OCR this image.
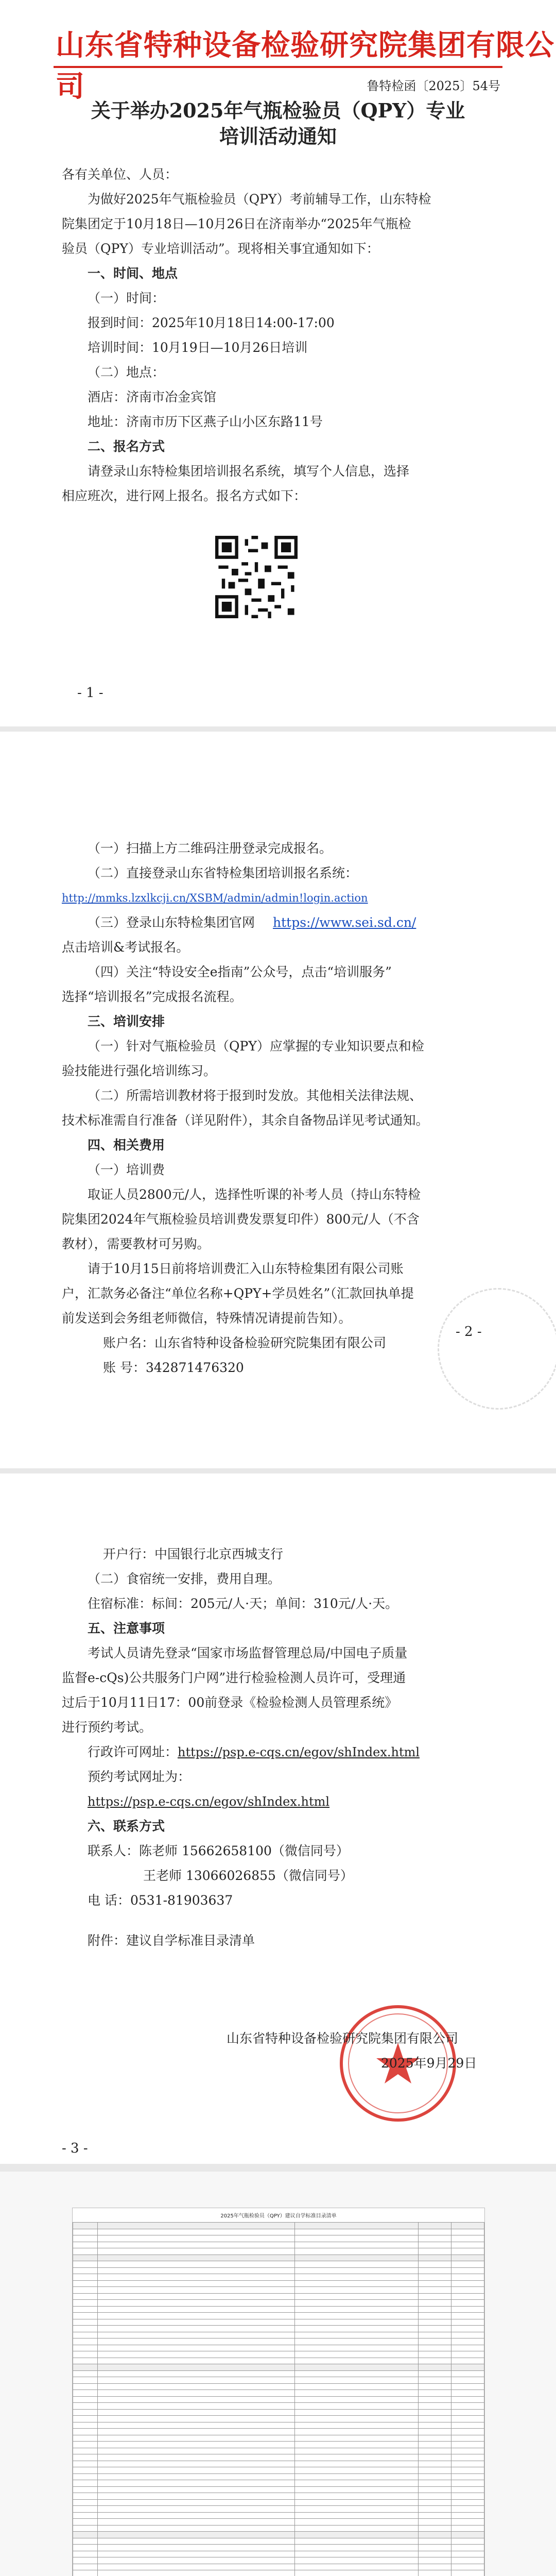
山东省特种设备检验研究院集团有限公司	鲁特检函〔2025〕54号
关于举办2025年气瓶检验员（QPY）专业
培训活动通知
各有关单位、人员：
为做好2025年气瓶检验员（QPY）考前辅导工作，山东特检
院集团定于10月18日—10月26日在济南举办“2025年气瓶检
验员（QPY）专业培训活动”。现将相关事宜通知如下：
一、时间、地点
（一）时间：
报到时间：2025年10月18日14:00-17:00
培训时间：10月19日—10月26日培训
（二）地点：
酒店：济南市冶金宾馆
地址：济南市历下区燕子山小区东路11号
二、报名方式
请登录山东特检集团培训报名系统，填写个人信息，选择
相应班次，进行网上报名。报名方式如下：
- 1 -
（一）扫描上方二维码注册登录完成报名。
（二）直接登录山东省特检集团培训报名系统：
http://mmks.lzxlkcji.cn/XSBM/admin/admin!login.action
（三）登录山东特检集团官网 https://www.sei.sd.cn/
点击培训&考试报名。
（四）关注“特设安全e指南”公众号，点击“培训服务”
选择“培训报名”完成报名流程。
三、培训安排
（一）针对气瓶检验员（QPY）应掌握的专业知识要点和检
验技能进行强化培训练习。
（二）所需培训教材将于报到时发放。其他相关法律法规、
技术标准需自行准备（详见附件），其余自备物品详见考试通知。
四、相关费用
（一）培训费
取证人员2800元/人，选择性听课的补考人员（持山东特检
院集团2024年气瓶检验员培训费发票复印件）800元/人（不含
教材），需要教材可另购。
请于10月15日前将培训费汇入山东特检集团有限公司账
户，汇款务必备注“单位名称+QPY+学员姓名”（汇款回执单提
前发送到会务组老师微信，特殊情况请提前告知）。
账户名：山东省特种设备检验研究院集团有限公司
账 号：342871476320
- 2 -
开户行：中国银行北京西城支行
（二）食宿统一安排，费用自理。
住宿标准：标间：205元/人·天；单间：310元/人·天。
五、注意事项
考试人员请先登录“国家市场监督管理总局/中国电子质量
监督e-cQs)公共服务门户网”进行检验检测人员许可，受理通
过后于10月11日17：00前登录《检验检测人员管理系统》
进行预约考试。
行政许可网址： https://psp.e-cqs.cn/egov/shIndex.html
预约考试网址为：
https://psp.e-cqs.cn/egov/shIndex.html
六、联系方式
联系人：陈老师 15662658100（微信同号）
王老师 13066026855（微信同号）
电 话：0531-81903637
附件：建议自学标准目录清单
山东省特种设备检验研究院集团有限公司
2025年9月29日
- 3 -
2025年气瓶检验员（QPY）建议自学标准目录清单
